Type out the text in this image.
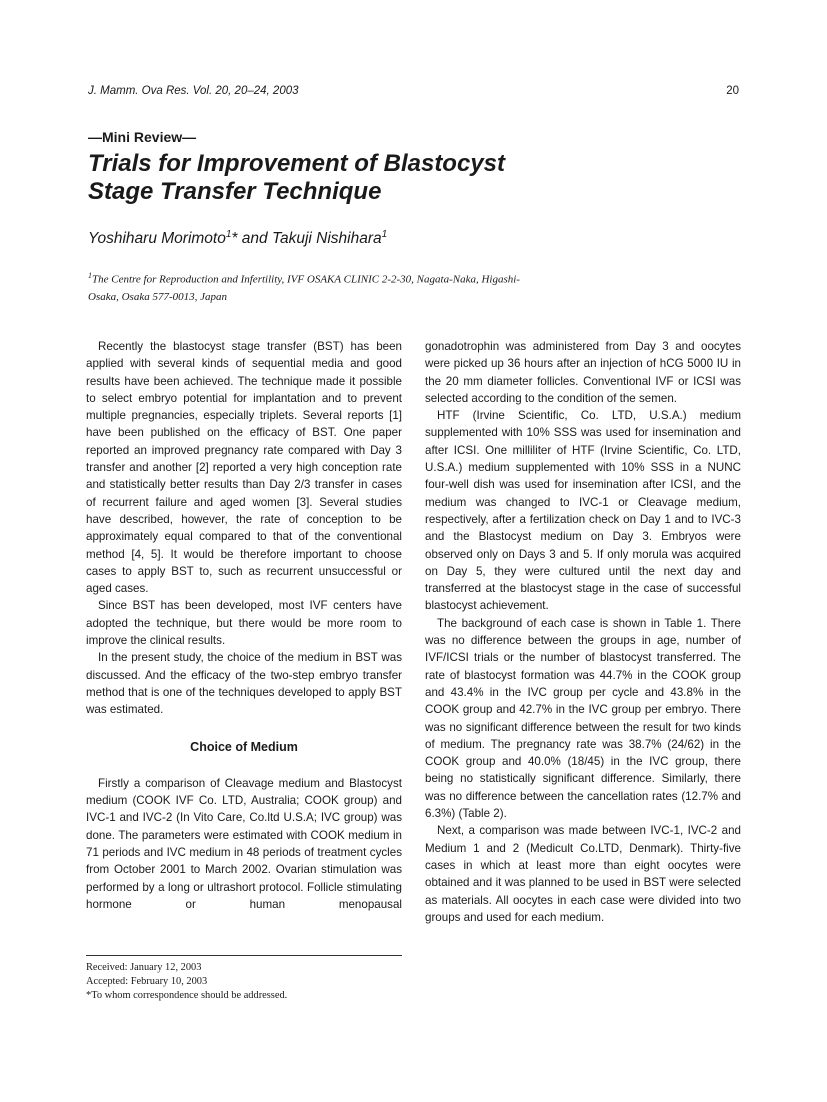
J. Mamm. Ova Res. Vol. 20, 20–24, 2003	20
—Mini Review—
Trials for Improvement of Blastocyst
Stage Transfer Technique
Yoshiharu Morimoto$^1$* and Takuji Nishihara$^1$
$^1$The Centre for Reproduction and Infertility, IVF OSAKA CLINIC 2-2-30, Nagata-Naka, Higashi-
Osaka, Osaka 577-0013, Japan

Recently the blastocyst stage transfer (BST) has been applied with several kinds of sequential media and good results have been achieved. The technique made it possible to select embryo potential for implantation and to prevent multiple pregnancies, especially triplets. Several reports [1] have been published on the efficacy of BST. One paper reported an improved pregnancy rate compared with Day 3 transfer and another [2] reported a very high conception rate and statistically better results than Day 2/3 transfer in cases of recurrent failure and aged women [3]. Several studies have described, however, the rate of conception to be approximately equal compared to that of the conventional method [4, 5]. It would be therefore important to choose cases to apply BST to, such as recurrent unsuccessful or aged cases.

Since BST has been developed, most IVF centers have adopted the technique, but there would be more room to improve the clinical results.

In the present study, the choice of the medium in BST was discussed. And the efficacy of the two-step embryo transfer method that is one of the techniques developed to apply BST was estimated.

Choice of Medium

Firstly a comparison of Cleavage medium and Blastocyst medium (COOK IVF Co. LTD, Australia; COOK group) and IVC-1 and IVC-2 (In Vito Care, Co.ltd U.S.A; IVC group) was done. The parameters were estimated with COOK medium in 71 periods and IVC medium in 48 periods of treatment cycles from October 2001 to March 2002. Ovarian stimulation was performed by a long or ultrashort protocol. Follicle stimulating hormone or human menopausal

gonadotrophin was administered from Day 3 and oocytes were picked up 36 hours after an injection of hCG 5000 IU in the 20 mm diameter follicles. Conventional IVF or ICSI was selected according to the condition of the semen.

HTF (Irvine Scientific, Co. LTD, U.S.A.) medium supplemented with 10% SSS was used for insemination and after ICSI. One milliliter of HTF (Irvine Scientific, Co. LTD, U.S.A.) medium supplemented with 10% SSS in a NUNC four-well dish was used for insemination after ICSI, and the medium was changed to IVC-1 or Cleavage medium, respectively, after a fertilization check on Day 1 and to IVC-3 and the Blastocyst medium on Day 3. Embryos were observed only on Days 3 and 5. If only morula was acquired on Day 5, they were cultured until the next day and transferred at the blastocyst stage in the case of successful blastocyst achievement.

The background of each case is shown in Table 1. There was no difference between the groups in age, number of IVF/ICSI trials or the number of blastocyst transferred. The rate of blastocyst formation was 44.7% in the COOK group and 43.4% in the IVC group per cycle and 43.8% in the COOK group and 42.7% in the IVC group per embryo. There was no significant difference between the result for two kinds of medium. The pregnancy rate was 38.7% (24/62) in the COOK group and 40.0% (18/45) in the IVC group, there being no statistically significant difference. Similarly, there was no difference between the cancellation rates (12.7% and 6.3%) (Table 2).

Next, a comparison was made between IVC-1, IVC-2 and Medium 1 and 2 (Medicult Co.LTD, Denmark). Thirty-five cases in which at least more than eight oocytes were obtained and it was planned to be used in BST were selected as materials. All oocytes in each case were divided into two groups and used for each medium.

Received: January 12, 2003
Accepted: February 10, 2003
*To whom correspondence should be addressed.
